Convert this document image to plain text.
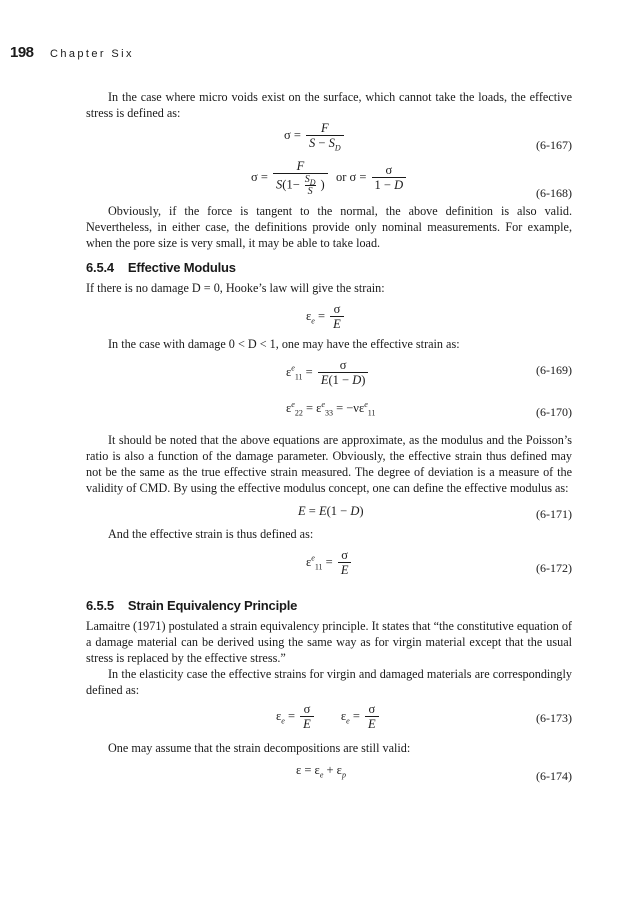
198 Chapter Six

In the case where micro voids exist on the surface, which cannot take the loads, the effective stress is defined as:

$\sigma = \frac{F}{S - S_D}$	(6-167)
$\sigma = \frac{F}{S(1- \frac{S_D}{S} )}$ or $\sigma = \frac{\sigma}{1 - D}$	(6-168)

Obviously, if the force is tangent to the normal, the above definition is also valid. Nevertheless, in either case, the definitions provide only nominal measurements. For example, when the pore size is very small, it may be able to take load.

6.5.4 Effective Modulus

If there is no damage D = 0, Hooke’s law will give the strain:

$\varepsilon_e = \frac{\sigma}{E}$

In the case with damage 0 < D < 1, one may have the effective strain as:

$\varepsilon^e_{11} = \frac{\sigma}{E(1 - D)}$	(6-169)
$\varepsilon^e_{22} = \varepsilon^e_{33} = -\nu\varepsilon^e_{11}$	(6-170)

It should be noted that the above equations are approximate, as the modulus and the Poisson’s ratio is also a function of the damage parameter. Obviously, the effective strain thus defined may not be the same as the true effective strain measured. The degree of deviation is a measure of the validity of CMD. By using the effective modulus concept, one can define the effective modulus as:

E = E(1 − D)	(6-171)

And the effective strain is thus defined as:

$\varepsilon^e_{11} = \frac{\sigma}{E}$	(6-172)
6.5.5 Strain Equivalency Principle

Lamaitre (1971) postulated a strain equivalency principle. It states that “the constitutive equation of a damage material can be derived using the same way as for virgin material except that the usual stress is replaced by the effective stress.”

In the elasticity case the effective strains for virgin and damaged materials are correspondingly defined as:

$\varepsilon_e = \frac{\sigma}{E} \varepsilon_e = \frac{\sigma}{E}$	(6-173)

One may assume that the strain decompositions are still valid:

$\varepsilon = \varepsilon_e + \varepsilon_p$	(6-174)
